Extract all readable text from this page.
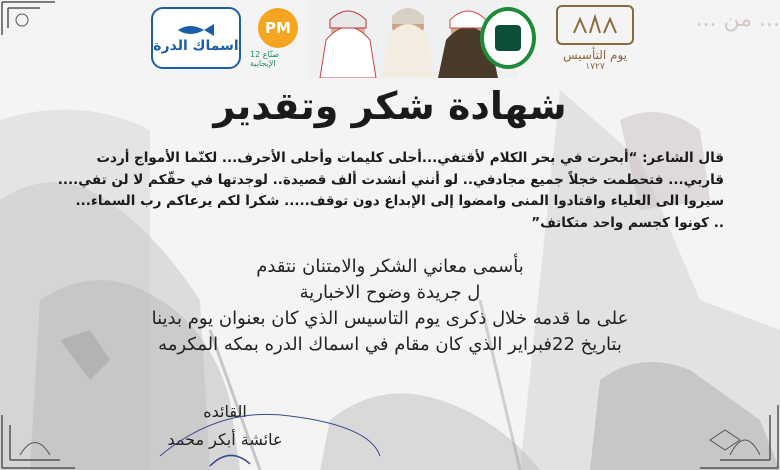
... من ...
اسماك الدرة
PM
12 صنّاع الإيجابية
يوم التأسيس
١٧٢٧
شهادة شكر وتقدير
قال الشاعر: “أبحرت في بحر الكلام لأقتفي...أحلى كليمات وأحلى الأحرف... لكنّما الأمواج أردت
قاربي... فتحطمت خجلاً جميع مجادفي.. لو أنني أنشدت ألف قصيدة.. لوجدتها في حقّكم لا لن تفي....
سيروا الى العلياء واقتادوا المنى وامضوا إلى الإبداع دون توقف..... شكرا لكم يرعاكم رب السماء...
.. كونوا كجسم واحد متكاتف”
بأسمى معاني الشكر والامتنان نتقدم
ل جريدة وضوح الاخبارية
على ما قدمه خلال ذكرى يوم التاسيس الذي كان بعنوان يوم بدينا
بتاريخ 22فبراير الذي كان مقام في اسماك الدره بمكه المكرمه
القائده
عائشة أبكر محمد
